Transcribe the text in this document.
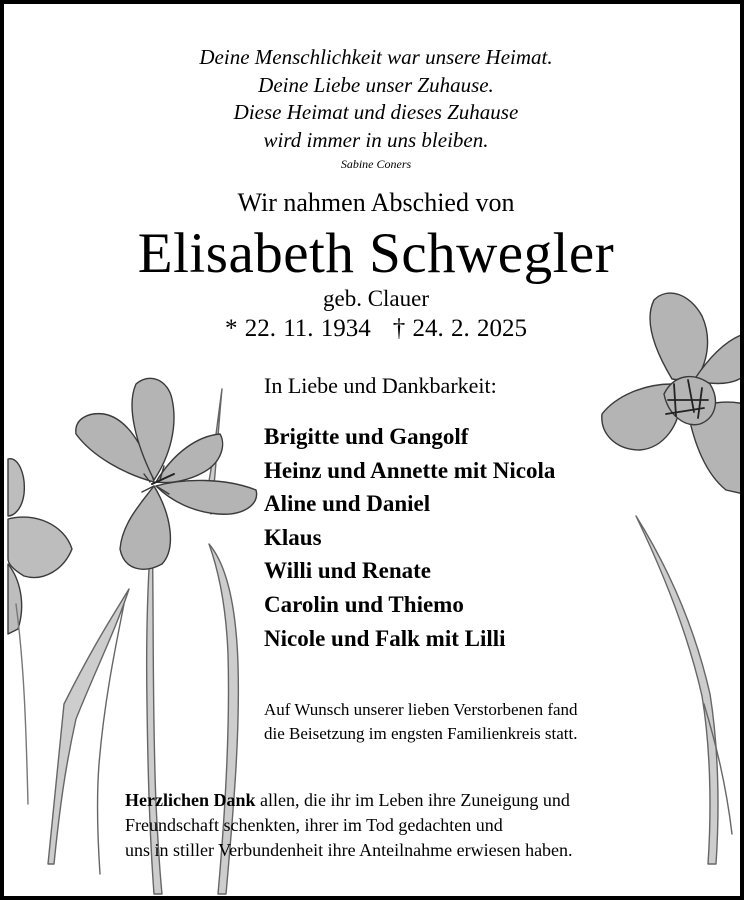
Deine Menschlichkeit war unsere Heimat.
Deine Liebe unser Zuhause.
Diese Heimat und dieses Zuhause
wird immer in uns bleiben.
Sabine Coners
Wir nahmen Abschied von
Elisabeth Schwegler
geb. Clauer
* 22. 11. 1934 † 24. 2. 2025
In Liebe und Dankbarkeit:
Brigitte und Gangolf
Heinz und Annette mit Nicola
Aline und Daniel
Klaus
Willi und Renate
Carolin und Thiemo
Nicole und Falk mit Lilli
Auf Wunsch unserer lieben Verstorbenen fand
die Beisetzung im engsten Familienkreis statt.
Herzlichen Dank allen, die ihr im Leben ihre Zuneigung und
Freundschaft schenkten, ihrer im Tod gedachten und
uns in stiller Verbundenheit ihre Anteilnahme erwiesen haben.
